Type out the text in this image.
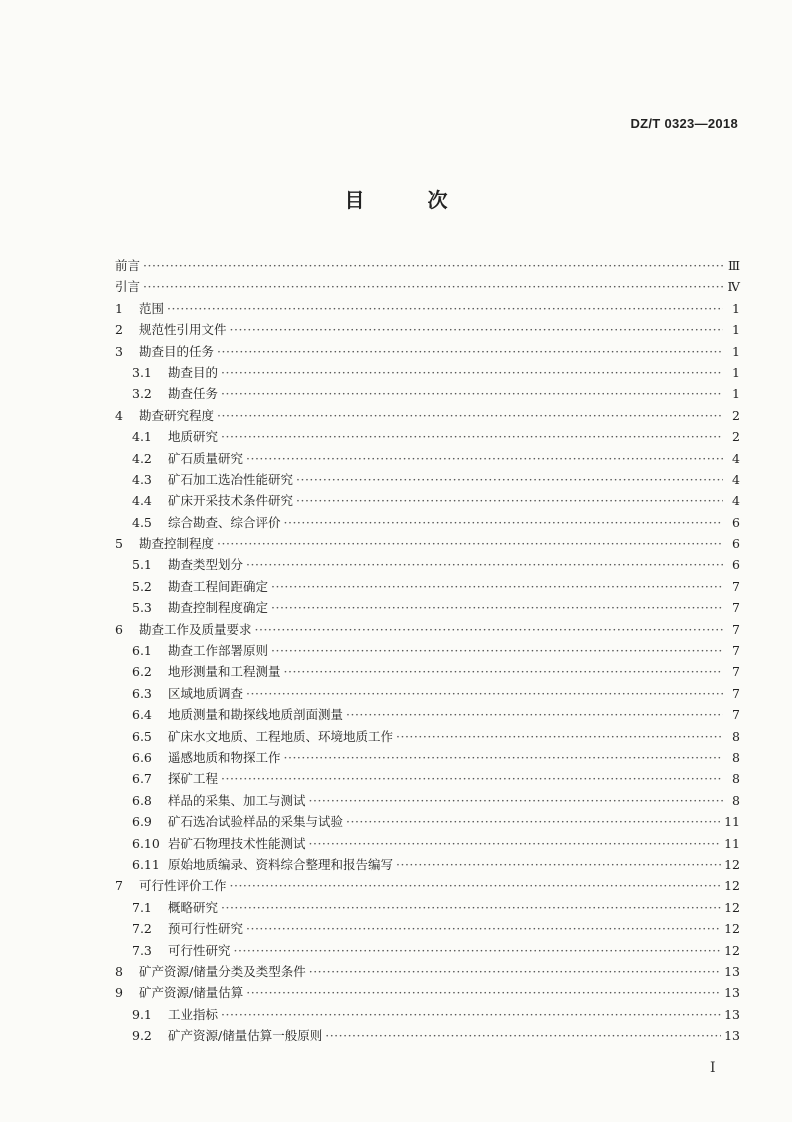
DZ/T 0323—2018
目 次
前言 ·····	Ⅲ
引言 ·····	Ⅳ
1	范围 ·····	1
2	规范性引用文件 ·····	1
3	勘查目的任务 ·····	1
3.1	勘查目的 ·····	1
3.2	勘查任务 ·····	1
4	勘查研究程度 ·····	2
4.1	地质研究 ·····	2
4.2	矿石质量研究 ·····	4
4.3	矿石加工选冶性能研究 ·····	4
4.4	矿床开采技术条件研究 ·····	4
4.5	综合勘查、综合评价 ·····	6
5	勘查控制程度 ·····	6
5.1	勘查类型划分 ·····	6
5.2	勘查工程间距确定 ·····	7
5.3	勘查控制程度确定 ·····	7
6	勘查工作及质量要求 ·····	7
6.1	勘查工作部署原则 ·····	7
6.2	地形测量和工程测量 ·····	7
6.3	区域地质调查 ·····	7
6.4	地质测量和勘探线地质剖面测量 ·····	7
6.5	矿床水文地质、工程地质、环境地质工作 ·····	8
6.6	遥感地质和物探工作 ·····	8
6.7	探矿工程 ·····	8
6.8	样品的采集、加工与测试 ·····	8
6.9	矿石选冶试验样品的采集与试验 ·····	11
6.10 岩矿石物理技术性能测试 ·····	11
6.11 原始地质编录、资料综合整理和报告编写 ·····	12
7	可行性评价工作 ·····	12
7.1	概略研究 ·····	12
7.2	预可行性研究 ·····	12
7.3	可行性研究 ·····	12
8	矿产资源/储量分类及类型条件 ·····	13
9	矿产资源/储量估算 ·····	13
9.1	工业指标 ·····	13
9.2	矿产资源/储量估算一般原则 ·····	13
I
